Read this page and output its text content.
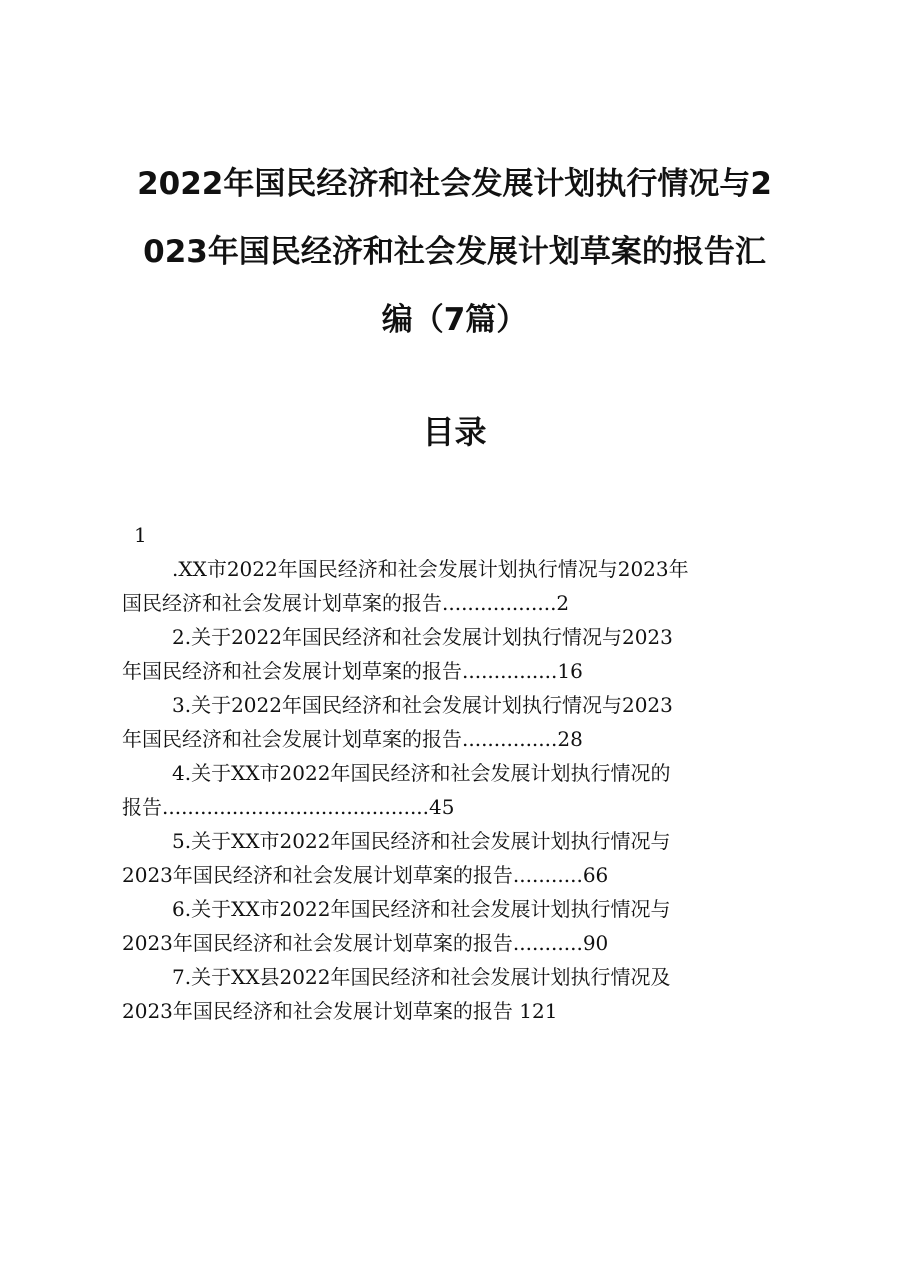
2022年国民经济和社会发展计划执行情况与2
023年国民经济和社会发展计划草案的报告汇
编（7篇）
目录
1
.XX市2022年国民经济和社会发展计划执行情况与2023年
国民经济和社会发展计划草案的报告..................2
2.关于2022年国民经济和社会发展计划执行情况与2023
年国民经济和社会发展计划草案的报告...............16
3.关于2022年国民经济和社会发展计划执行情况与2023
年国民经济和社会发展计划草案的报告...............28
4.关于XX市2022年国民经济和社会发展计划执行情况的
报告..........................................45
5.关于XX市2022年国民经济和社会发展计划执行情况与
2023年国民经济和社会发展计划草案的报告...........66
6.关于XX市2022年国民经济和社会发展计划执行情况与
2023年国民经济和社会发展计划草案的报告...........90
7.关于XX县2022年国民经济和社会发展计划执行情况及
2023年国民经济和社会发展计划草案的报告 121
